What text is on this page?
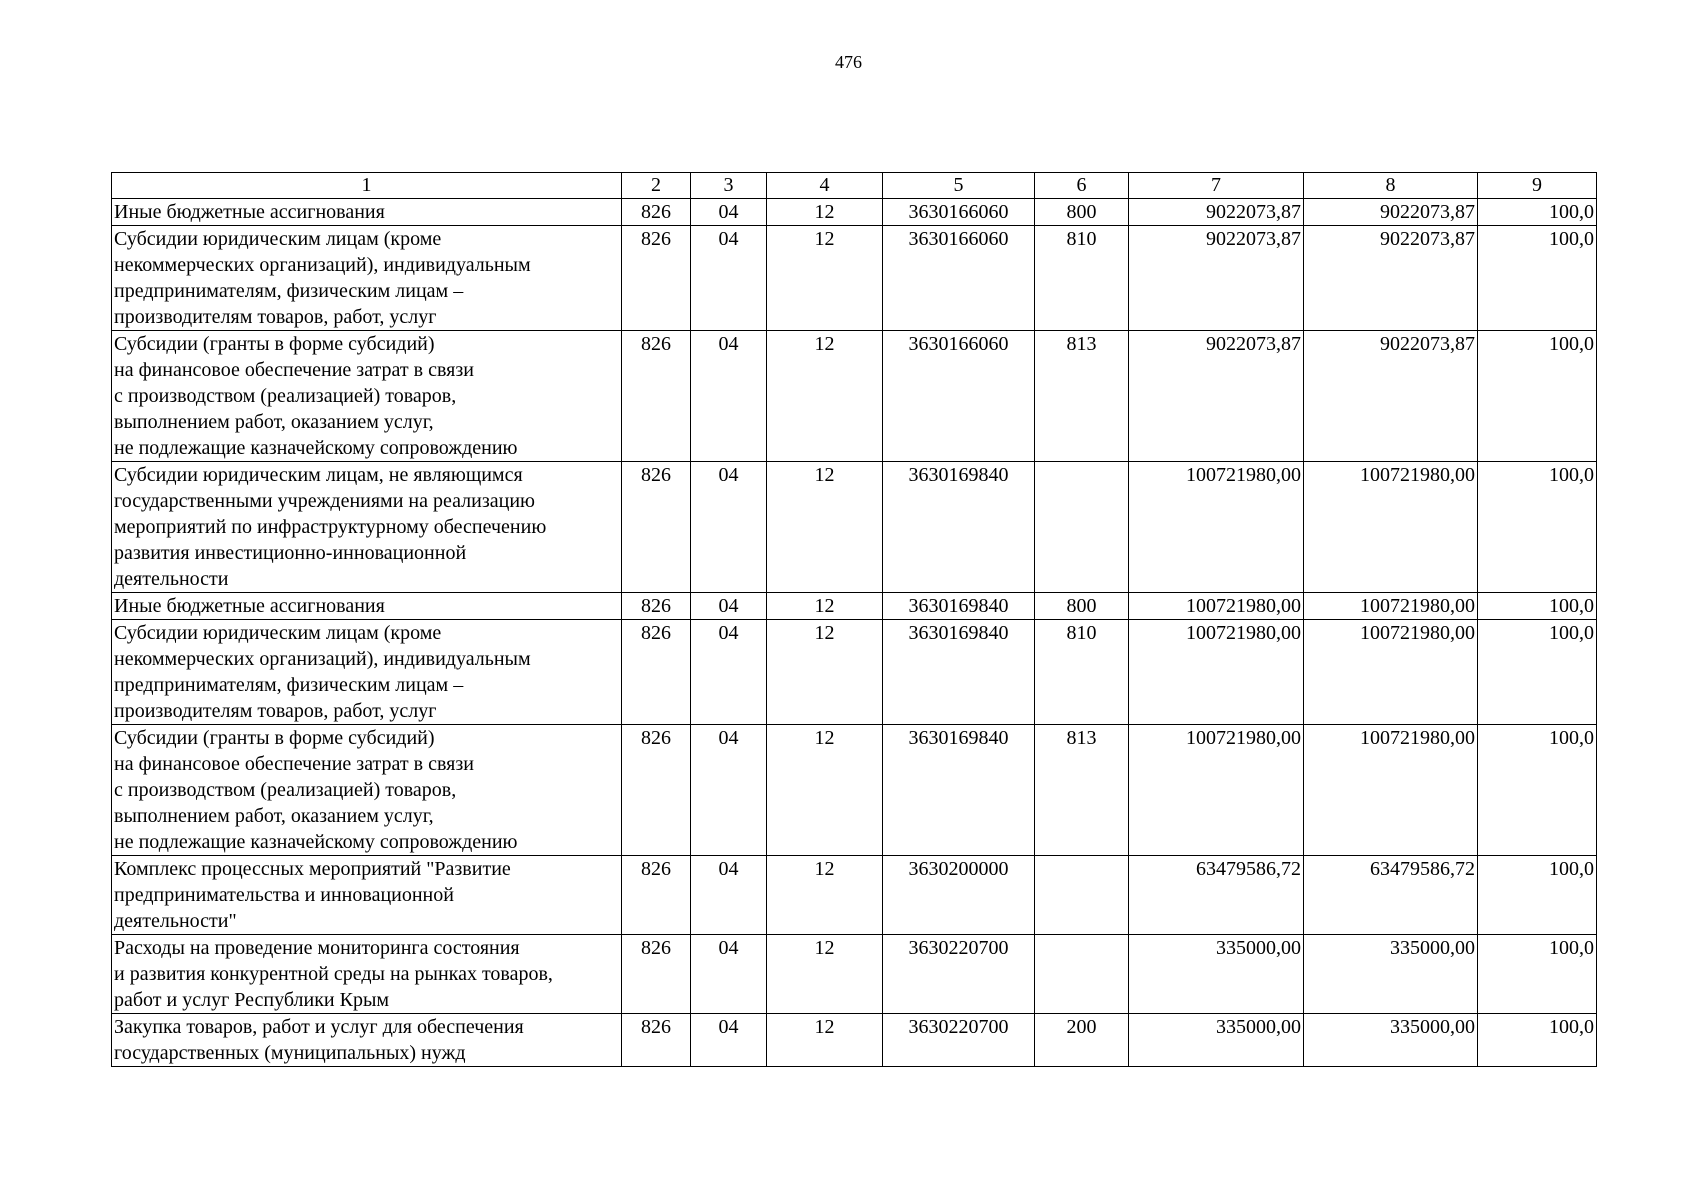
476
1	2	3	4	5	6	7	8	9

Иные бюджетные ассигнования	826	04	12	3630166060	800	9022073,87	9022073,87	100,0

Субсидии юридическим лицам (кроме
некоммерческих организаций), индивидуальным
предпринимателям, физическим лицам –
производителям товаров, работ, услуг	826	04	12	3630166060	810	9022073,87	9022073,87	100,0

Субсидии (гранты в форме субсидий)
на финансовое обеспечение затрат в связи
с производством (реализацией) товаров,
выполнением работ, оказанием услуг,
не подлежащие казначейскому сопровождению	826	04	12	3630166060	813	9022073,87	9022073,87	100,0

Субсидии юридическим лицам, не являющимся
государственными учреждениями на реализацию
мероприятий по инфраструктурному обеспечению
развития инвестиционно-инновационной
деятельности	826	04	12	3630169840		100721980,00	100721980,00	100,0

Иные бюджетные ассигнования	826	04	12	3630169840	800	100721980,00	100721980,00	100,0

Субсидии юридическим лицам (кроме
некоммерческих организаций), индивидуальным
предпринимателям, физическим лицам –
производителям товаров, работ, услуг	826	04	12	3630169840	810	100721980,00	100721980,00	100,0

Субсидии (гранты в форме субсидий)
на финансовое обеспечение затрат в связи
с производством (реализацией) товаров,
выполнением работ, оказанием услуг,
не подлежащие казначейскому сопровождению	826	04	12	3630169840	813	100721980,00	100721980,00	100,0

Комплекс процессных мероприятий "Развитие
предпринимательства и инновационной
деятельности"	826	04	12	3630200000		63479586,72	63479586,72	100,0

Расходы на проведение мониторинга состояния
и развития конкурентной среды на рынках товаров,
работ и услуг Республики Крым	826	04	12	3630220700		335000,00	335000,00	100,0

Закупка товаров, работ и услуг для обеспечения
государственных (муниципальных) нужд	826	04	12	3630220700	200	335000,00	335000,00	100,0
